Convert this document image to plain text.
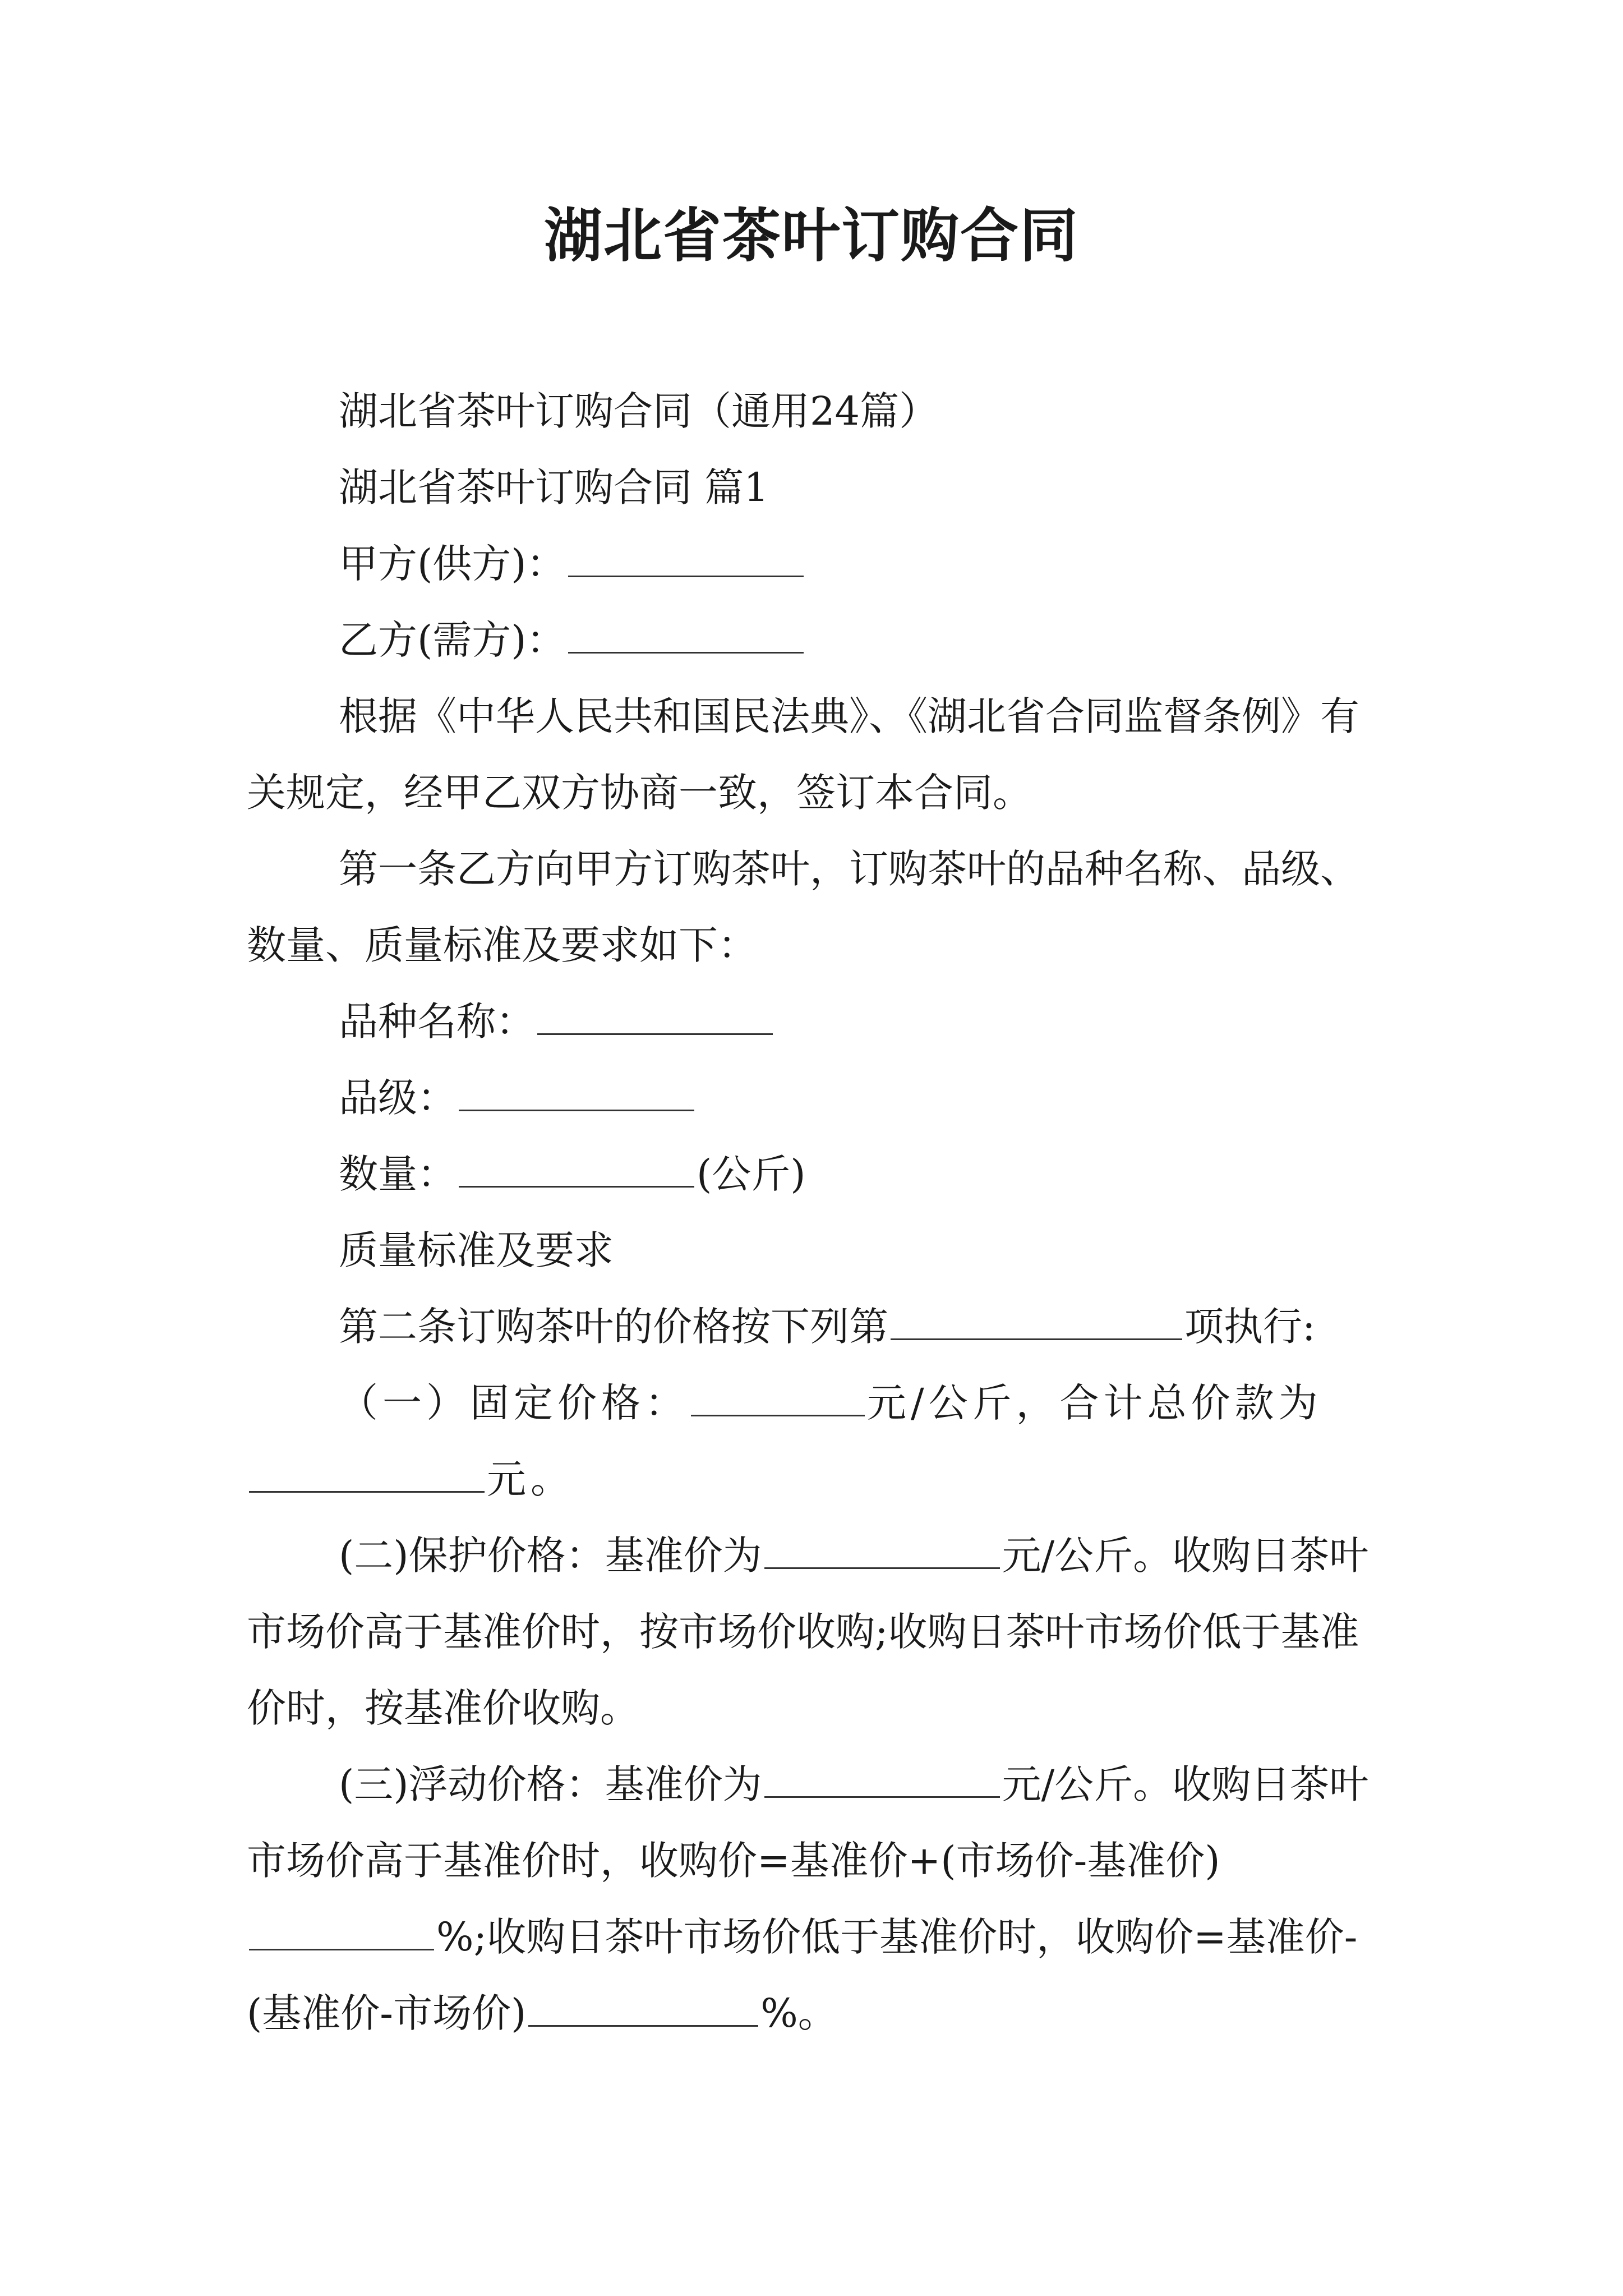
湖北省茶叶订购合同

湖北省茶叶订购合同（通用24篇）

湖北省茶叶订购合同 篇1

甲方(供方)：

乙方(需方)：

根据《中华人民共和国民法典》、《湖北省合同监督条例》有关规定，经甲乙双方协商一致，签订本合同。

第一条乙方向甲方订购茶叶，订购茶叶的品种名称、品级、数量、质量标准及要求如下：

品种名称：

品级：

数量：	(公斤)

质量标准及要求

第二条订购茶叶的价格按下列第	项执行:

（一）固定价格：	元/公斤，合计总价款为元。

(二)保护价格：基准价为	元/公斤。收购日茶叶市场价高于基准价时，按市场价收购;收购日茶叶市场价低于基准价时，按基准价收购。

(三)浮动价格：基准价为	元/公斤。收购日茶叶市场价高于基准价时，收购价=基准价+(市场价-基准价)%;收购日茶叶市场价低于基准价时，收购价=基准价-(基准价-市场价)	%。
